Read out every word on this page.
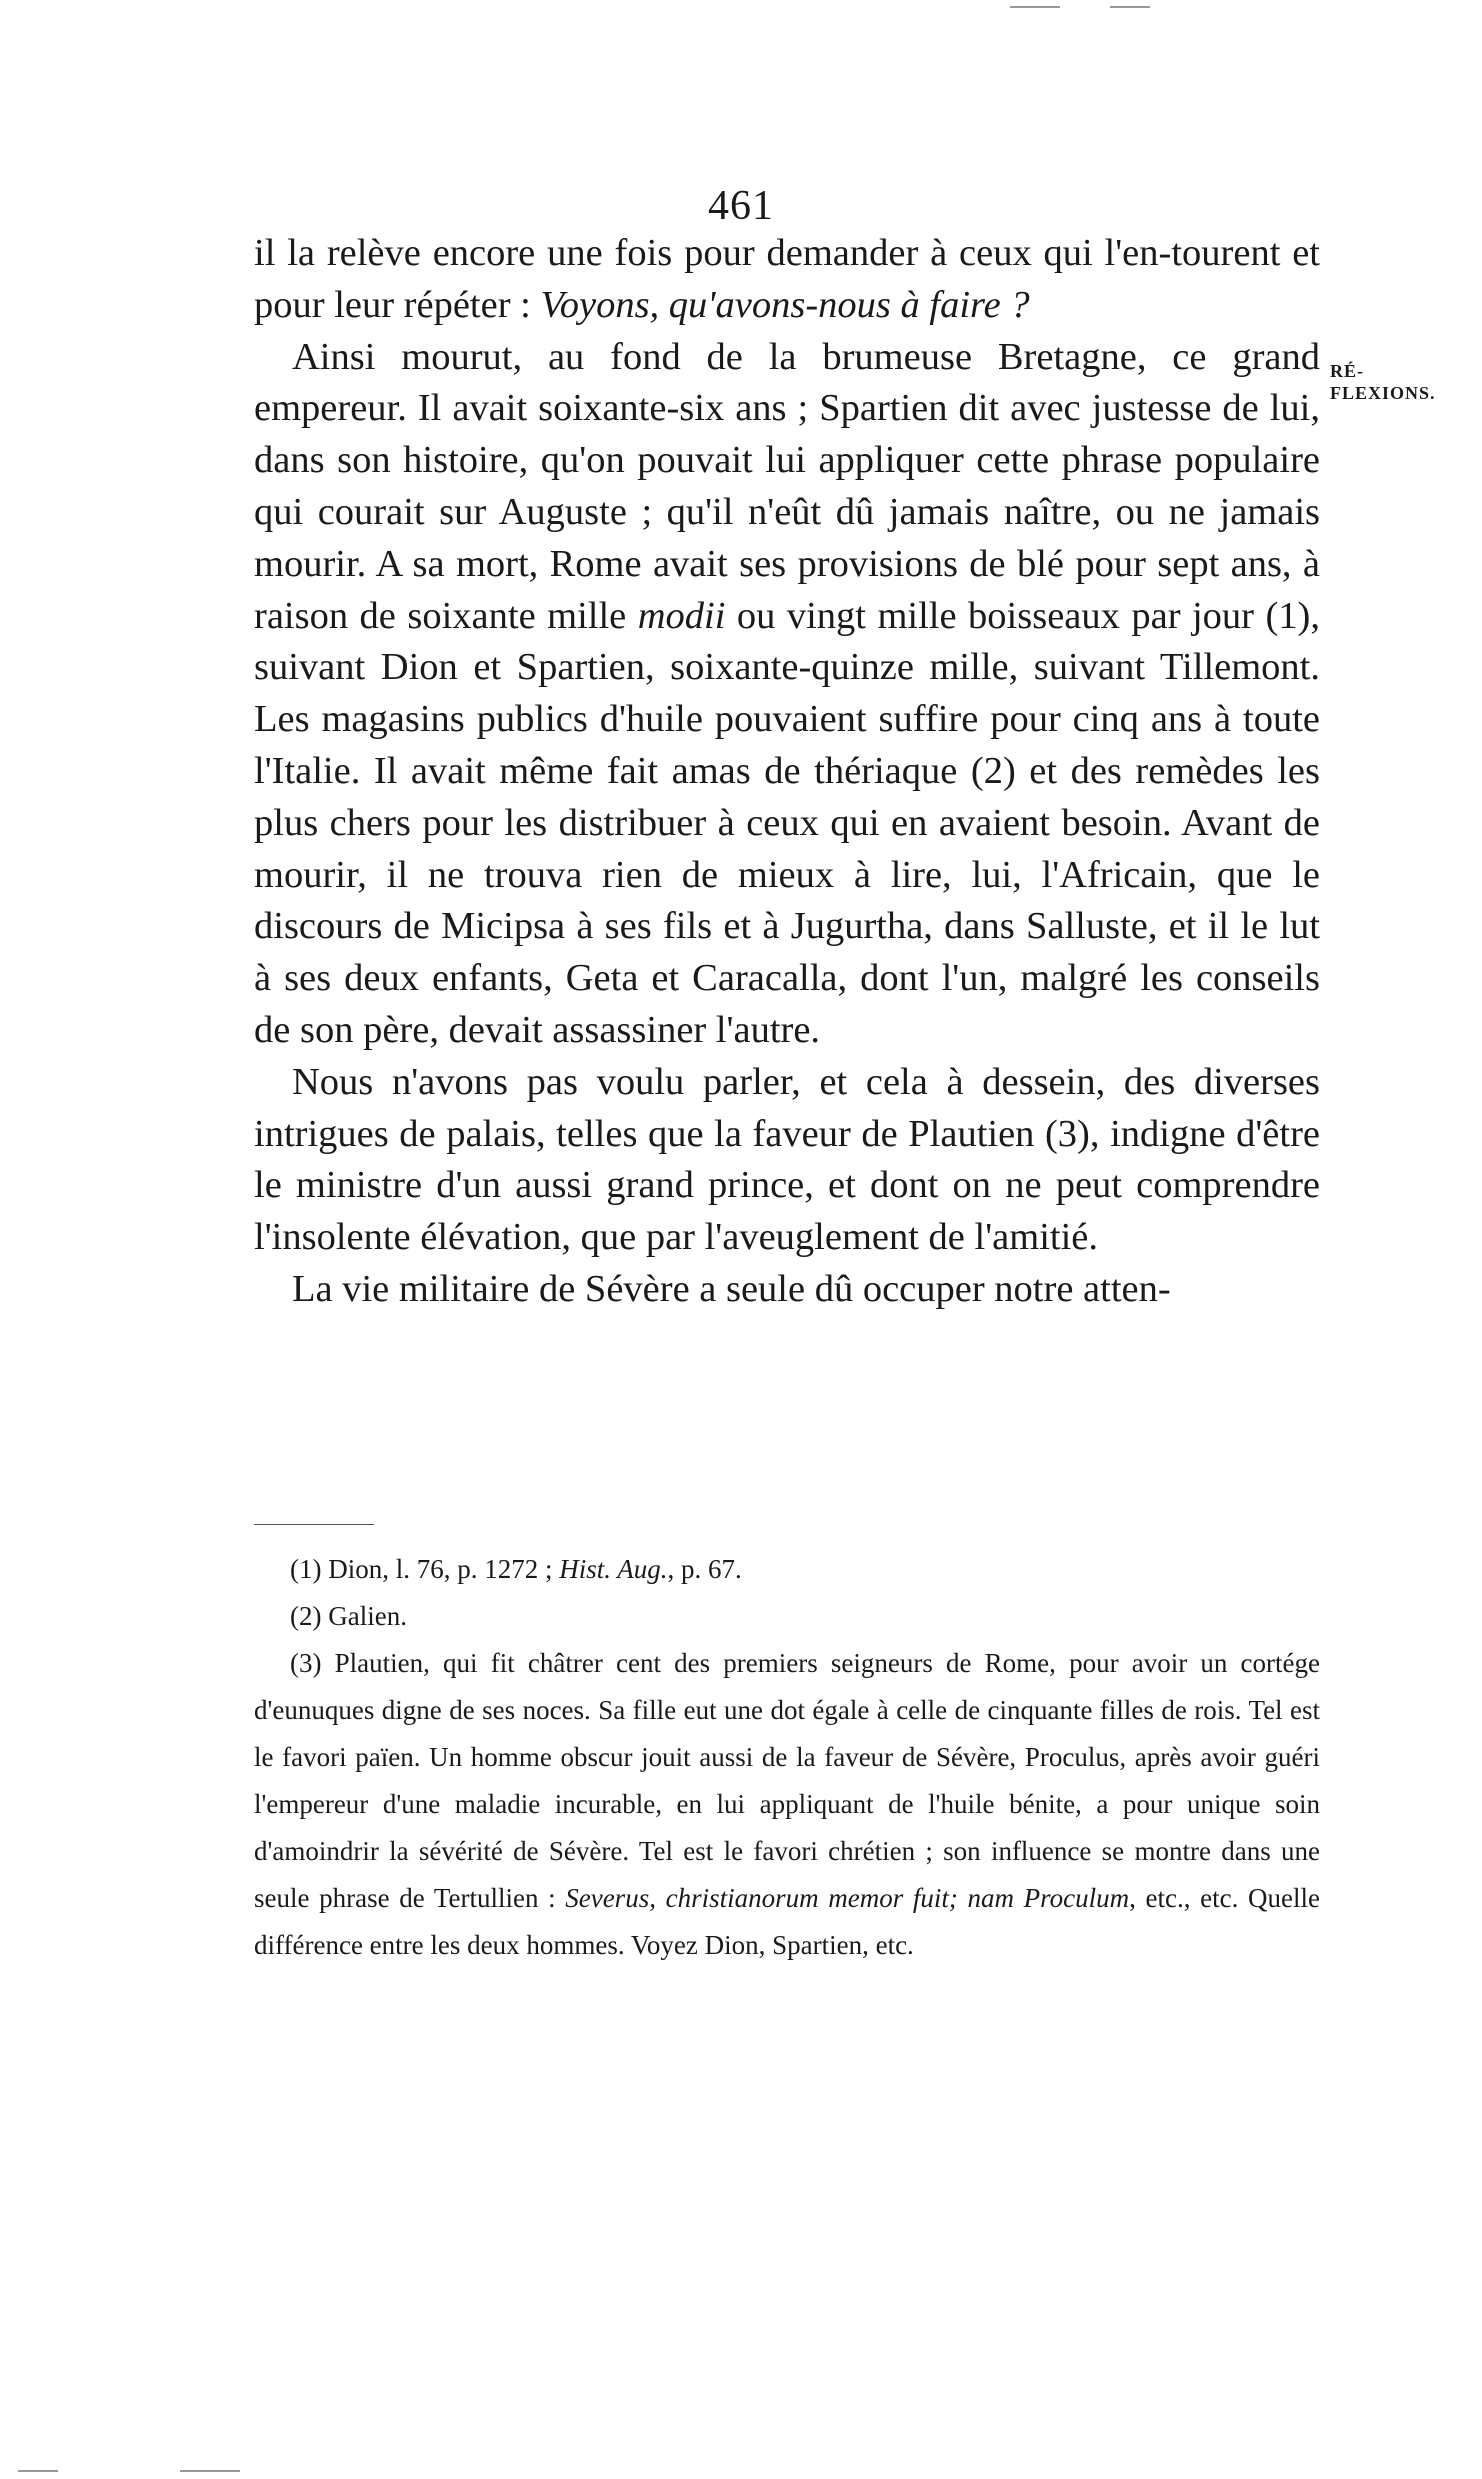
461
RÉ-
FLEXIONS.

il la relève encore une fois pour demander à ceux qui l'en-tourent et pour leur répéter : Voyons, qu'avons-nous à faire ?

Ainsi mourut, au fond de la brumeuse Bretagne, ce grand empereur. Il avait soixante-six ans ; Spartien dit avec justesse de lui, dans son histoire, qu'on pouvait lui appliquer cette phrase populaire qui courait sur Auguste ; qu'il n'eût dû jamais naître, ou ne jamais mourir. A sa mort, Rome avait ses provisions de blé pour sept ans, à raison de soixante mille modii ou vingt mille boisseaux par jour (1), suivant Dion et Spartien, soixante-quinze mille, suivant Tillemont. Les magasins publics d'huile pouvaient suffire pour cinq ans à toute l'Italie. Il avait même fait amas de thériaque (2) et des remèdes les plus chers pour les distribuer à ceux qui en avaient besoin. Avant de mourir, il ne trouva rien de mieux à lire, lui, l'Africain, que le discours de Micipsa à ses fils et à Jugurtha, dans Salluste, et il le lut à ses deux enfants, Geta et Caracalla, dont l'un, malgré les conseils de son père, devait assassiner l'autre.

Nous n'avons pas voulu parler, et cela à dessein, des diverses intrigues de palais, telles que la faveur de Plautien (3), indigne d'être le ministre d'un aussi grand prince, et dont on ne peut comprendre l'insolente élévation, que par l'aveuglement de l'amitié.

La vie militaire de Sévère a seule dû occuper notre atten-

(1) Dion, l. 76, p. 1272 ; Hist. Aug., p. 67.

(2) Galien.

(3) Plautien, qui fit châtrer cent des premiers seigneurs de Rome, pour avoir un cortége d'eunuques digne de ses noces. Sa fille eut une dot égale à celle de cinquante filles de rois. Tel est le favori païen. Un homme obscur jouit aussi de la faveur de Sévère, Proculus, après avoir guéri l'empereur d'une maladie incurable, en lui appliquant de l'huile bénite, a pour unique soin d'amoindrir la sévérité de Sévère. Tel est le favori chrétien ; son influence se montre dans une seule phrase de Tertullien : Severus, christianorum memor fuit; nam Proculum, etc., etc. Quelle différence entre les deux hommes. Voyez Dion, Spartien, etc.
